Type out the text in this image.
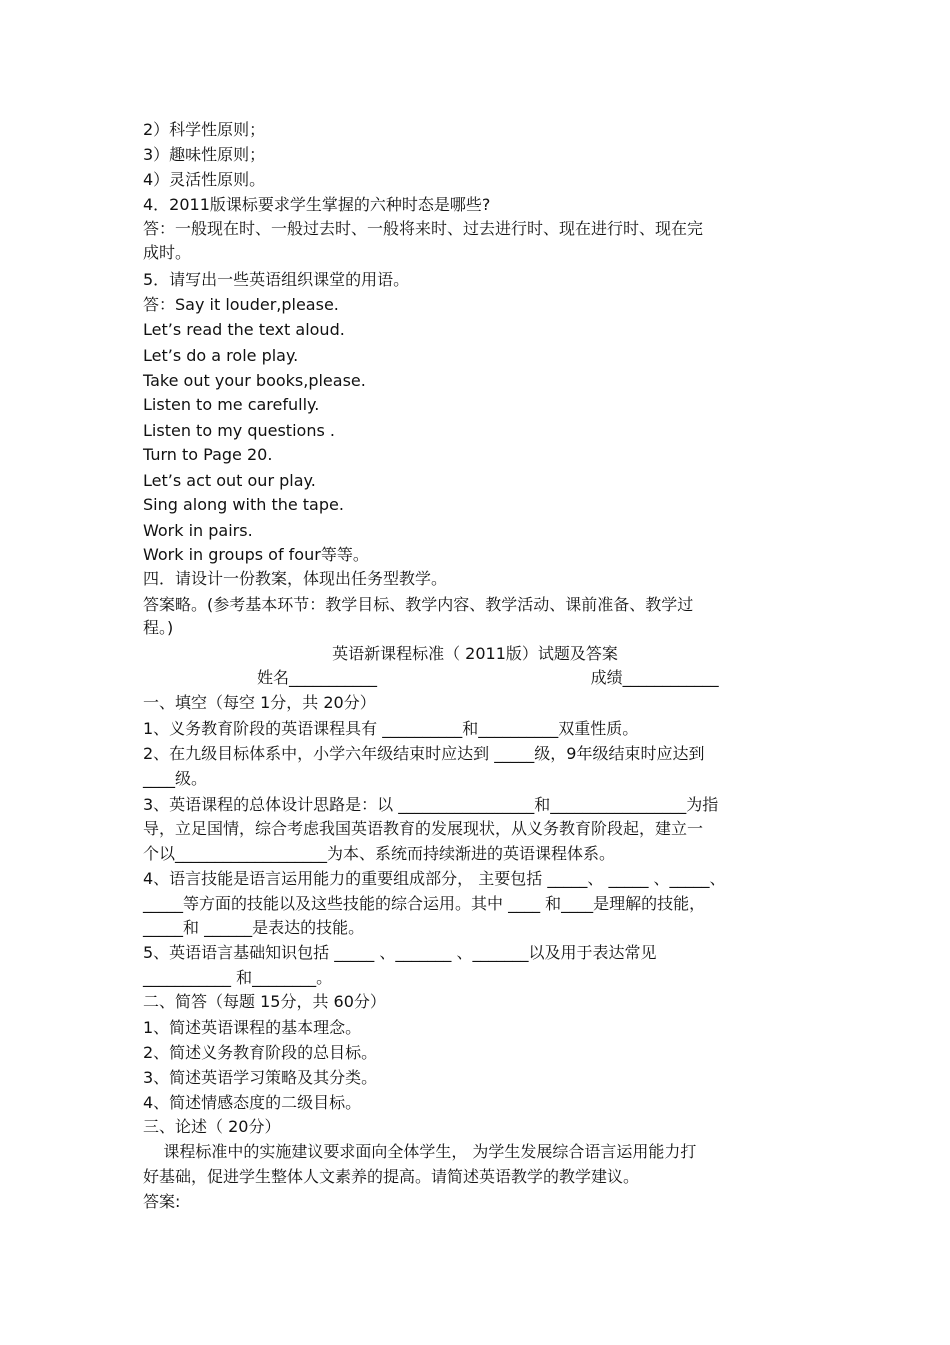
2）科学性原则；
3）趣味性原则；
4）灵活性原则。
4．2011版课标要求学生掌握的六种时态是哪些?
答：一般现在时、一般过去时、一般将来时、过去进行时、现在进行时、现在完
成时。
5．请写出一些英语组织课堂的用语。
答：Say it louder,please.
Let’s read the text aloud.
Let’s do a role play.
Take out your books,please.
Listen to me carefully.
Listen to my questions .
Turn to Page 20.
Let’s act out our play.
Sing along with the tape.
Work in pairs.
Work in groups of four等等。
四．请设计一份教案，体现出任务型教学。
答案略。(参考基本环节：教学目标、教学内容、教学活动、课前准备、教学过
程。)
英语新课程标准（ 2011版）试题及答案
姓名___________                                          成绩____________
一、填空（每空 1分，共 20分）
1、义务教育阶段的英语课程具有 __________和__________双重性质。
2、在九级目标体系中，小学六年级结束时应达到 _____级，9年级结束时应达到
____级。
3、英语课程的总体设计思路是：以 _________________和_________________为指
导，立足国情，综合考虑我国英语教育的发展现状，从义务教育阶段起，建立一
个以___________________为本、系统而持续渐进的英语课程体系。
4、语言技能是语言运用能力的重要组成部分， 主要包括 _____、 _____ 、_____、
_____等方面的技能以及这些技能的综合运用。其中 ____ 和____是理解的技能，
_____和 ______是表达的技能。
5、英语语言基础知识包括 _____ 、_______ 、_______以及用于表达常见
___________ 和________。
二、简答（每题 15分，共 60分）
1、简述英语课程的基本理念。
2、简述义务教育阶段的总目标。
3、简述英语学习策略及其分类。
4、简述情感态度的二级目标。
三、论述（ 20分）
课程标准中的实施建议要求面向全体学生， 为学生发展综合语言运用能力打
好基础，促进学生整体人文素养的提高。请简述英语教学的教学建议。
答案:
